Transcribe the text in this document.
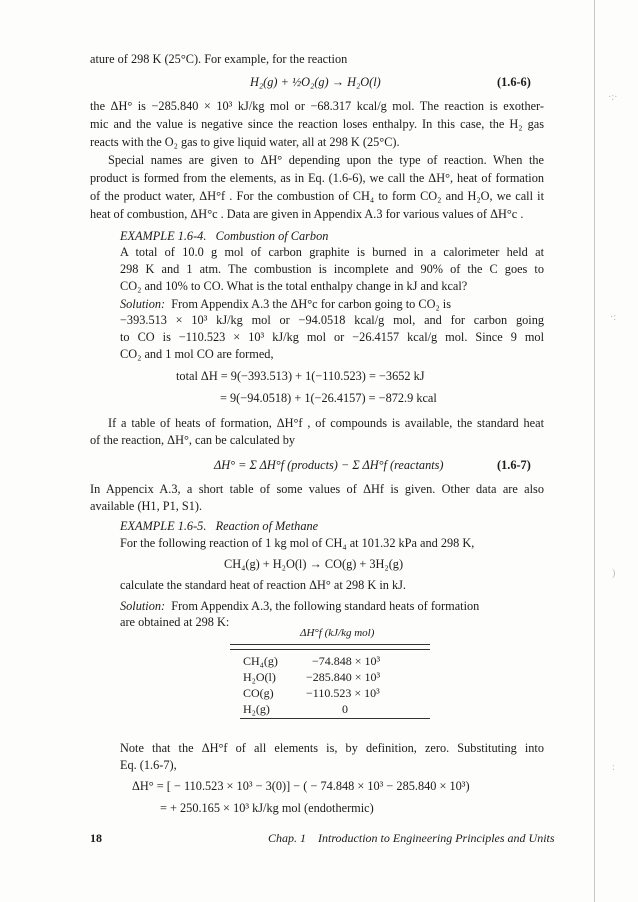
·:·
·:
)
:
ature of 298 K (25°C). For example, for the reaction
H₂(g) + ½O₂(g) → H₂O(l)	(1.6-6)
the ΔH° is −285.840 × 10³ kJ/kg mol or −68.317 kcal/g mol. The reaction is exother-
mic and the value is negative since the reaction loses enthalpy. In this case, the H₂ gas
reacts with the O₂ gas to give liquid water, all at 298 K (25°C).
Special names are given to ΔH° depending upon the type of reaction. When the
product is formed from the elements, as in Eq. (1.6-6), we call the ΔH°, heat of formation
of the product water, ΔH°f . For the combustion of CH₄ to form CO₂ and H₂O, we call it
heat of combustion, ΔH°c . Data are given in Appendix A.3 for various values of ΔH°c .
EXAMPLE 1.6-4. Combustion of Carbon
A total of 10.0 g mol of carbon graphite is burned in a calorimeter held at
298 K and 1 atm. The combustion is incomplete and 90% of the C goes to
CO₂ and 10% to CO. What is the total enthalpy change in kJ and kcal?
Solution: From Appendix A.3 the ΔH°c for carbon going to CO₂ is
−393.513 × 10³ kJ/kg mol or −94.0518 kcal/g mol, and for carbon going
to CO is −110.523 × 10³ kJ/kg mol or −26.4157 kcal/g mol. Since 9 mol
CO₂ and 1 mol CO are formed,
total ΔH = 9(−393.513) + 1(−110.523) = −3652 kJ
= 9(−94.0518) + 1(−26.4157) = −872.9 kcal
If a table of heats of formation, ΔH°f , of compounds is available, the standard heat
of the reaction, ΔH°, can be calculated by
ΔH° = Σ ΔH°f (products) − Σ ΔH°f (reactants)	(1.6-7)
In Appencix A.3, a short table of some values of ΔHf is given. Other data are also
available (H1, P1, S1).
EXAMPLE 1.6-5. Reaction of Methane
For the following reaction of 1 kg mol of CH₄ at 101.32 kPa and 298 K,
CH₄(g) + H₂O(l) → CO(g) + 3H₂(g)
calculate the standard heat of reaction ΔH° at 298 K in kJ.
Solution: From Appendix A.3, the following standard heats of formation
are obtained at 298 K:
ΔH°f (kJ/kg mol)
CH₄(g)	−74.848 × 10³
H₂O(l)	−285.840 × 10³
CO(g)	−110.523 × 10³
H₂(g)	0
Note that the ΔH°f of all elements is, by definition, zero. Substituting into
Eq. (1.6-7),
ΔH° = [ − 110.523 × 10³ − 3(0)] − ( − 74.848 × 10³ − 285.840 × 10³)
= + 250.165 × 10³ kJ/kg mol (endothermic)
18	Chap. 1 Introduction to Engineering Principles and Units
